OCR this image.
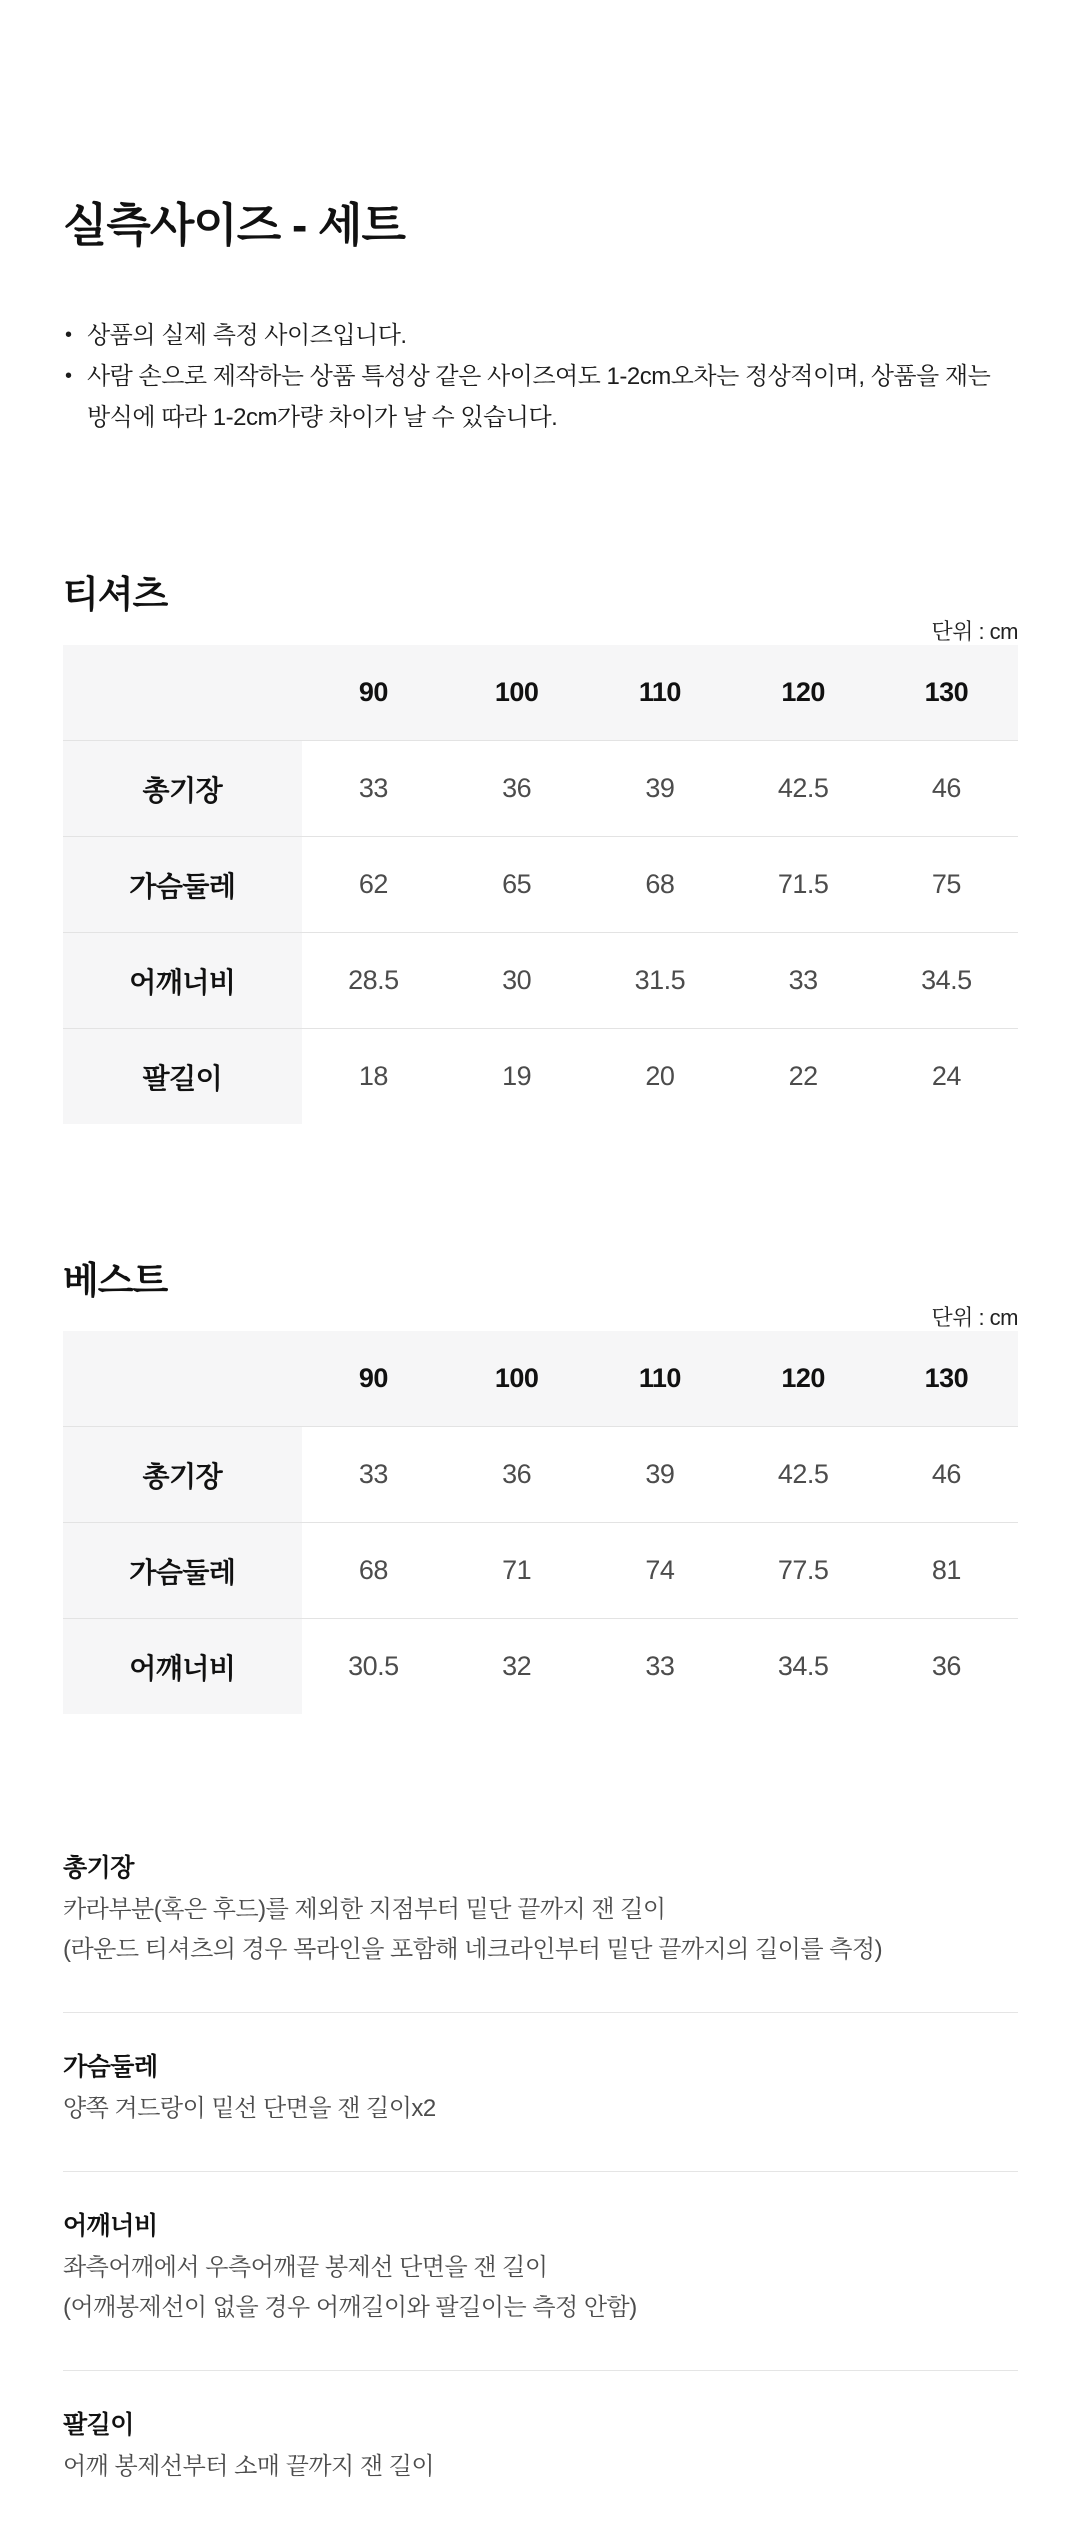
실측사이즈 - 세트
• 상품의 실제 측정 사이즈입니다.
• 사람 손으로 제작하는 상품 특성상 같은 사이즈여도 1-2cm오차는 정상적이며, 상품을 재는 방식에 따라 1-2cm가량 차이가 날 수 있습니다.
티셔츠
단위 : cm
	90	100	110	120	130
총기장	33	36	39	42.5	46
가슴둘레	62	65	68	71.5	75
어깨너비	28.5	30	31.5	33	34.5
팔길이	18	19	20	22	24
베스트
단위 : cm
	90	100	110	120	130
총기장	33	36	39	42.5	46
가슴둘레	68	71	74	77.5	81
어꺠너비	30.5	32	33	34.5	36
총기장

카라부분(혹은 후드)를 제외한 지점부터 밑단 끝까지 잰 길이

(라운드 티셔츠의 경우 목라인을 포함해 네크라인부터 밑단 끝까지의 길이를 측정)

가슴둘레

양쪽 겨드랑이 밑선 단면을 잰 길이x2

어깨너비

좌측어깨에서 우측어깨끝 봉제선 단면을 잰 길이

(어깨봉제선이 없을 경우 어깨길이와 팔길이는 측정 안함)

팔길이

어깨 봉제선부터 소매 끝까지 잰 길이
